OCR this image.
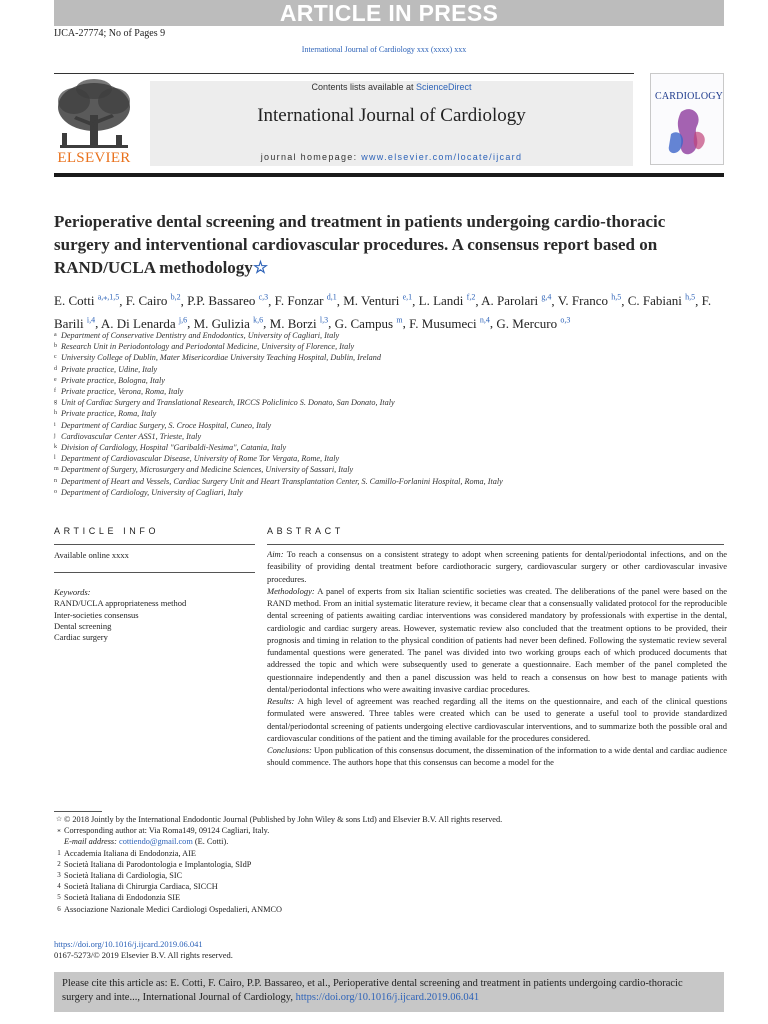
ARTICLE IN PRESS
IJCA-27774; No of Pages 9
International Journal of Cardiology xxx (xxxx) xxx
ELSEVIER
Contents lists available at ScienceDirect
International Journal of Cardiology
journal homepage: www.elsevier.com/locate/ijcard
CARDIOLOGY
Perioperative dental screening and treatment in patients undergoing cardio-thoracic surgery and interventional cardiovascular procedures. A consensus report based on RAND/UCLA methodology☆
E. Cotti $^{a,⁎,1,5}$, F. Cairo $^{b,2}$, P.P. Bassareo $^{c,3}$, F. Fonzar $^{d,1}$, M. Venturi $^{e,1}$, L. Landi $^{f,2}$, A. Parolari $^{g,4}$, V. Franco $^{h,5}$, C. Fabiani $^{h,5}$, F. Barili $^{i,4}$, A. Di Lenarda $^{j,6}$, M. Gulizia $^{k,6}$, M. Borzi $^{l,3}$, G. Campus $^m$, F. Musumeci $^{n,4}$, G. Mercuro $^{o,3}$
a Department of Conservative Dentistry and Endodontics, University of Cagliari, Italy
b Research Unit in Periodontology and Periodontal Medicine, University of Florence, Italy
c University College of Dublin, Mater Misericordiae University Teaching Hospital, Dublin, Ireland
d Private practice, Udine, Italy
e Private practice, Bologna, Italy
f Private practice, Verona, Roma, Italy
g Unit of Cardiac Surgery and Translational Research, IRCCS Policlinico S. Donato, San Donato, Italy
h Private practice, Roma, Italy
i Department of Cardiac Surgery, S. Croce Hospital, Cuneo, Italy
j Cardiovascular Center ASS1, Trieste, Italy
k Division of Cardiology, Hospital "Garibaldi-Nesima", Catania, Italy
l Department of Cardiovascular Disease, University of Rome Tor Vergata, Rome, Italy
m Department of Surgery, Microsurgery and Medicine Sciences, University of Sassari, Italy
n Department of Heart and Vessels, Cardiac Surgery Unit and Heart Transplantation Center, S. Camillo-Forlanini Hospital, Roma, Italy
o Department of Cardiology, University of Cagliari, Italy
ARTICLE INFO
Available online xxxx
Keywords:
RAND/UCLA appropriateness method
Inter-societies consensus
Dental screening
Cardiac surgery
ABSTRACT

Aim: To reach a consensus on a consistent strategy to adopt when screening patients for dental/periodontal infections, and on the feasibility of providing dental treatment before cardiothoracic surgery, cardiovascular surgery or other cardiovascular invasive procedures.

Methodology: A panel of experts from six Italian scientific societies was created. The deliberations of the panel were based on the RAND method. From an initial systematic literature review, it became clear that a consensually validated protocol for the reproducible dental screening of patients awaiting cardiac interventions was considered mandatory by professionals with expertise in the dental, cardiologic and cardiac surgery areas. However, systematic review also concluded that the treatment options to be provided, their prognosis and timing in relation to the physical condition of patients had never been defined. Following the systematic review several fundamental questions were generated. The panel was divided into two working groups each of which produced documents that addressed the topic and which were subsequently used to generate a questionnaire. Each member of the panel completed the questionnaire independently and then a panel discussion was held to reach a consensus on how best to manage patients with dental/periodontal infections who were awaiting invasive cardiac procedures.

Results: A high level of agreement was reached regarding all the items on the questionnaire, and each of the clinical questions formulated were answered. Three tables were created which can be used to generate a useful tool to provide standardized dental/periodontal screening of patients undergoing elective cardiovascular interventions, and to summarize both the possible oral and cardiovascular conditions of the patient and the timing available for the procedures considered.

Conclusions: Upon publication of this consensus document, the dissemination of the information to a wide dental and cardiac audience should commence. The authors hope that this consensus can become a model for the

☆ © 2018 Jointly by the International Endodontic Journal (Published by John Wiley & sons Ltd) and Elsevier B.V. All rights reserved.
⁎ Corresponding author at: Via Roma149, 09124 Cagliari, Italy.
E-mail address: cottiendo@gmail.com (E. Cotti).
1 Accademia Italiana di Endodonzia, AIE
2 Società Italiana di Parodontologia e Implantologia, SIdP
3 Società Italiana di Cardiologia, SIC
4 Società Italiana di Chirurgia Cardiaca, SICCH
5 Società Italiana di Endodonzia SIE
6 Associazione Nazionale Medici Cardiologi Ospedalieri, ANMCO
https://doi.org/10.1016/j.ijcard.2019.06.041
0167-5273/© 2019 Elsevier B.V. All rights reserved.

Please cite this article as: E. Cotti, F. Cairo, P.P. Bassareo, et al., Perioperative dental screening and treatment in patients undergoing cardio-thoracic surgery and inte..., International Journal of Cardiology, https://doi.org/10.1016/j.ijcard.2019.06.041
